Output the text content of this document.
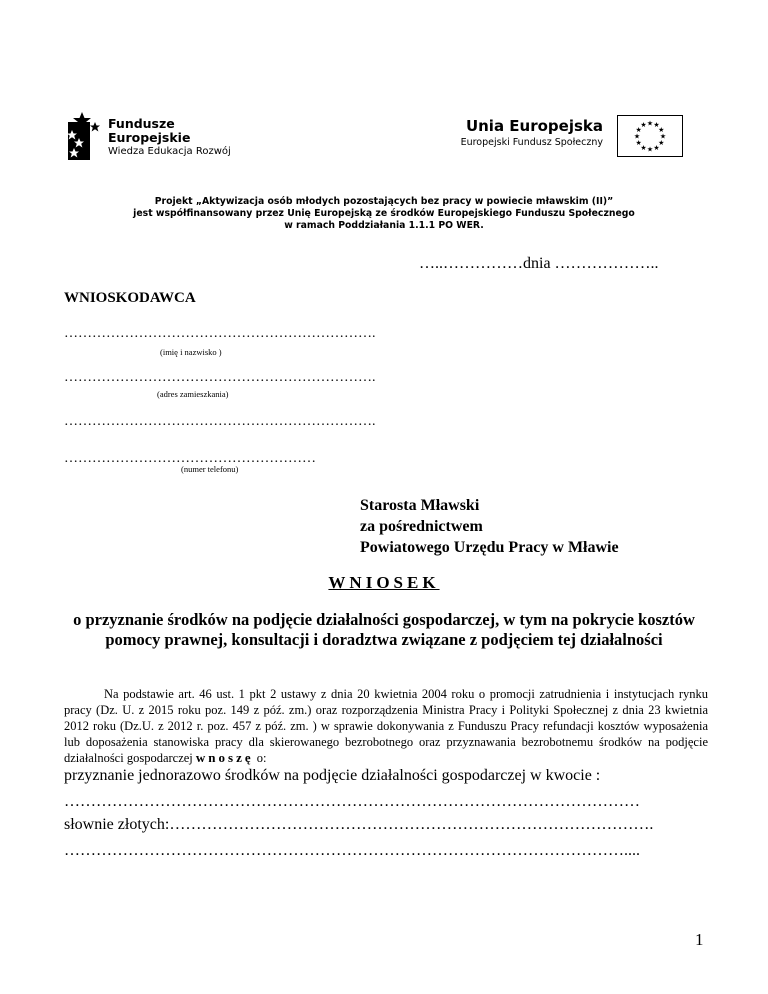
Fundusze
Europejskie
Wiedza Edukacja Rozwój
Unia Europejska
Europejski Fundusz Społeczny
★ ★
★
★
★
★
★
★
★
★
★
★
Projekt „Aktywizacja osób młodych pozostających bez pracy w powiecie mławskim (II)”
jest współfinansowany przez Unię Europejską ze środków Europejskiego Funduszu Społecznego
w ramach Poddziałania 1.1.1 PO WER.
…..……………dnia ………………..
WNIOSKODAWCA
………………………………………………………….
(imię i nazwisko )
………………………………………………………….
(adres zamieszkania)
………………………………………………………….
………………………………………………
(numer telefonu)
Starosta Mławski
za pośrednictwem
Powiatowego Urzędu Pracy w Mławie
WNIOSEK
o przyznanie środków na podjęcie działalności gospodarczej, w tym na pokrycie kosztów pomocy prawnej, konsultacji i doradztwa związane z podjęciem tej działalności
Na podstawie art. 46 ust. 1 pkt 2 ustawy z dnia 20 kwietnia 2004 roku o promocji zatrudnienia i instytucjach rynku pracy (Dz. U. z 2015 roku poz. 149 z póź. zm.) oraz rozporządzenia Ministra Pracy i Polityki Społecznej z dnia 23 kwietnia 2012 roku (Dz.U. z 2012 r. poz. 457 z póź. zm. ) w sprawie dokonywania z Funduszu Pracy refundacji kosztów wyposażenia lub doposażenia stanowiska pracy dla skierowanego bezrobotnego oraz przyznawania bezrobotnemu środków na podjęcie działalności gospodarczej wnoszę o:
przyznanie jednorazowo środków na podjęcie działalności gospodarczej w kwocie :
………………………………………………………………………………………………
słownie złotych:……………………………………………………………………………….
……………………………………………………………………………………………....
1
